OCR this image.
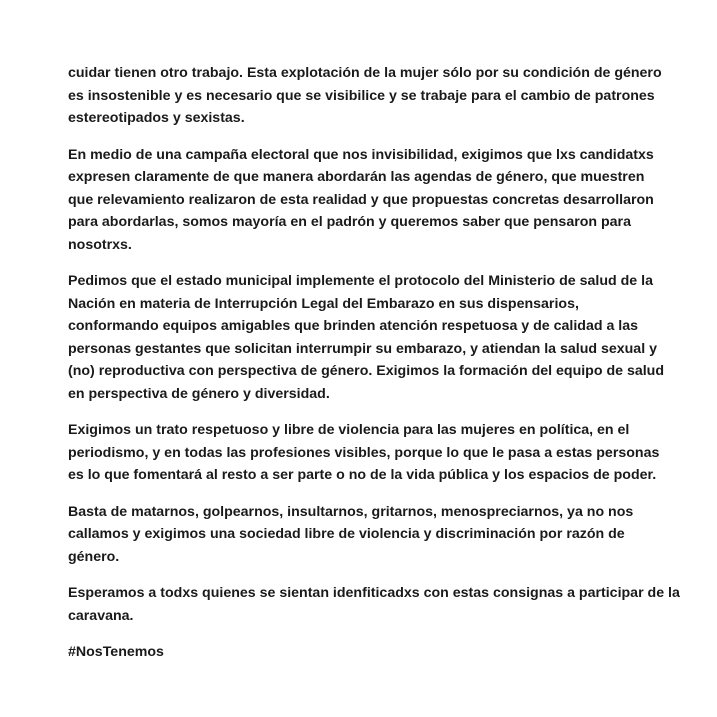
cuidar tienen otro trabajo. Esta explotación de la mujer sólo por su condición de género
es insostenible y es necesario que se visibilice y se trabaje para el cambio de patrones
estereotipados y sexistas.

En medio de una campaña electoral que nos invisibilidad, exigimos que lxs candidatxs
expresen claramente de que manera abordarán las agendas de género, que muestren
que relevamiento realizaron de esta realidad y que propuestas concretas desarrollaron
para abordarlas, somos mayoría en el padrón y queremos saber que pensaron para
nosotrxs.

Pedimos que el estado municipal implemente el protocolo del Ministerio de salud de la
Nación en materia de Interrupción Legal del Embarazo en sus dispensarios,
conformando equipos amigables que brinden atención respetuosa y de calidad a las
personas gestantes que solicitan interrumpir su embarazo, y atiendan la salud sexual y
(no) reproductiva con perspectiva de género. Exigimos la formación del equipo de salud
en perspectiva de género y diversidad.

Exigimos un trato respetuoso y libre de violencia para las mujeres en política, en el
periodismo, y en todas las profesiones visibles, porque lo que le pasa a estas personas
es lo que fomentará al resto a ser parte o no de la vida pública y los espacios de poder.

Basta de matarnos, golpearnos, insultarnos, gritarnos, menospreciarnos, ya no nos
callamos y exigimos una sociedad libre de violencia y discriminación por razón de
género.

Esperamos a todxs quienes se sientan idenfiticadxs con estas consignas a participar de la
caravana.

#NosTenemos
